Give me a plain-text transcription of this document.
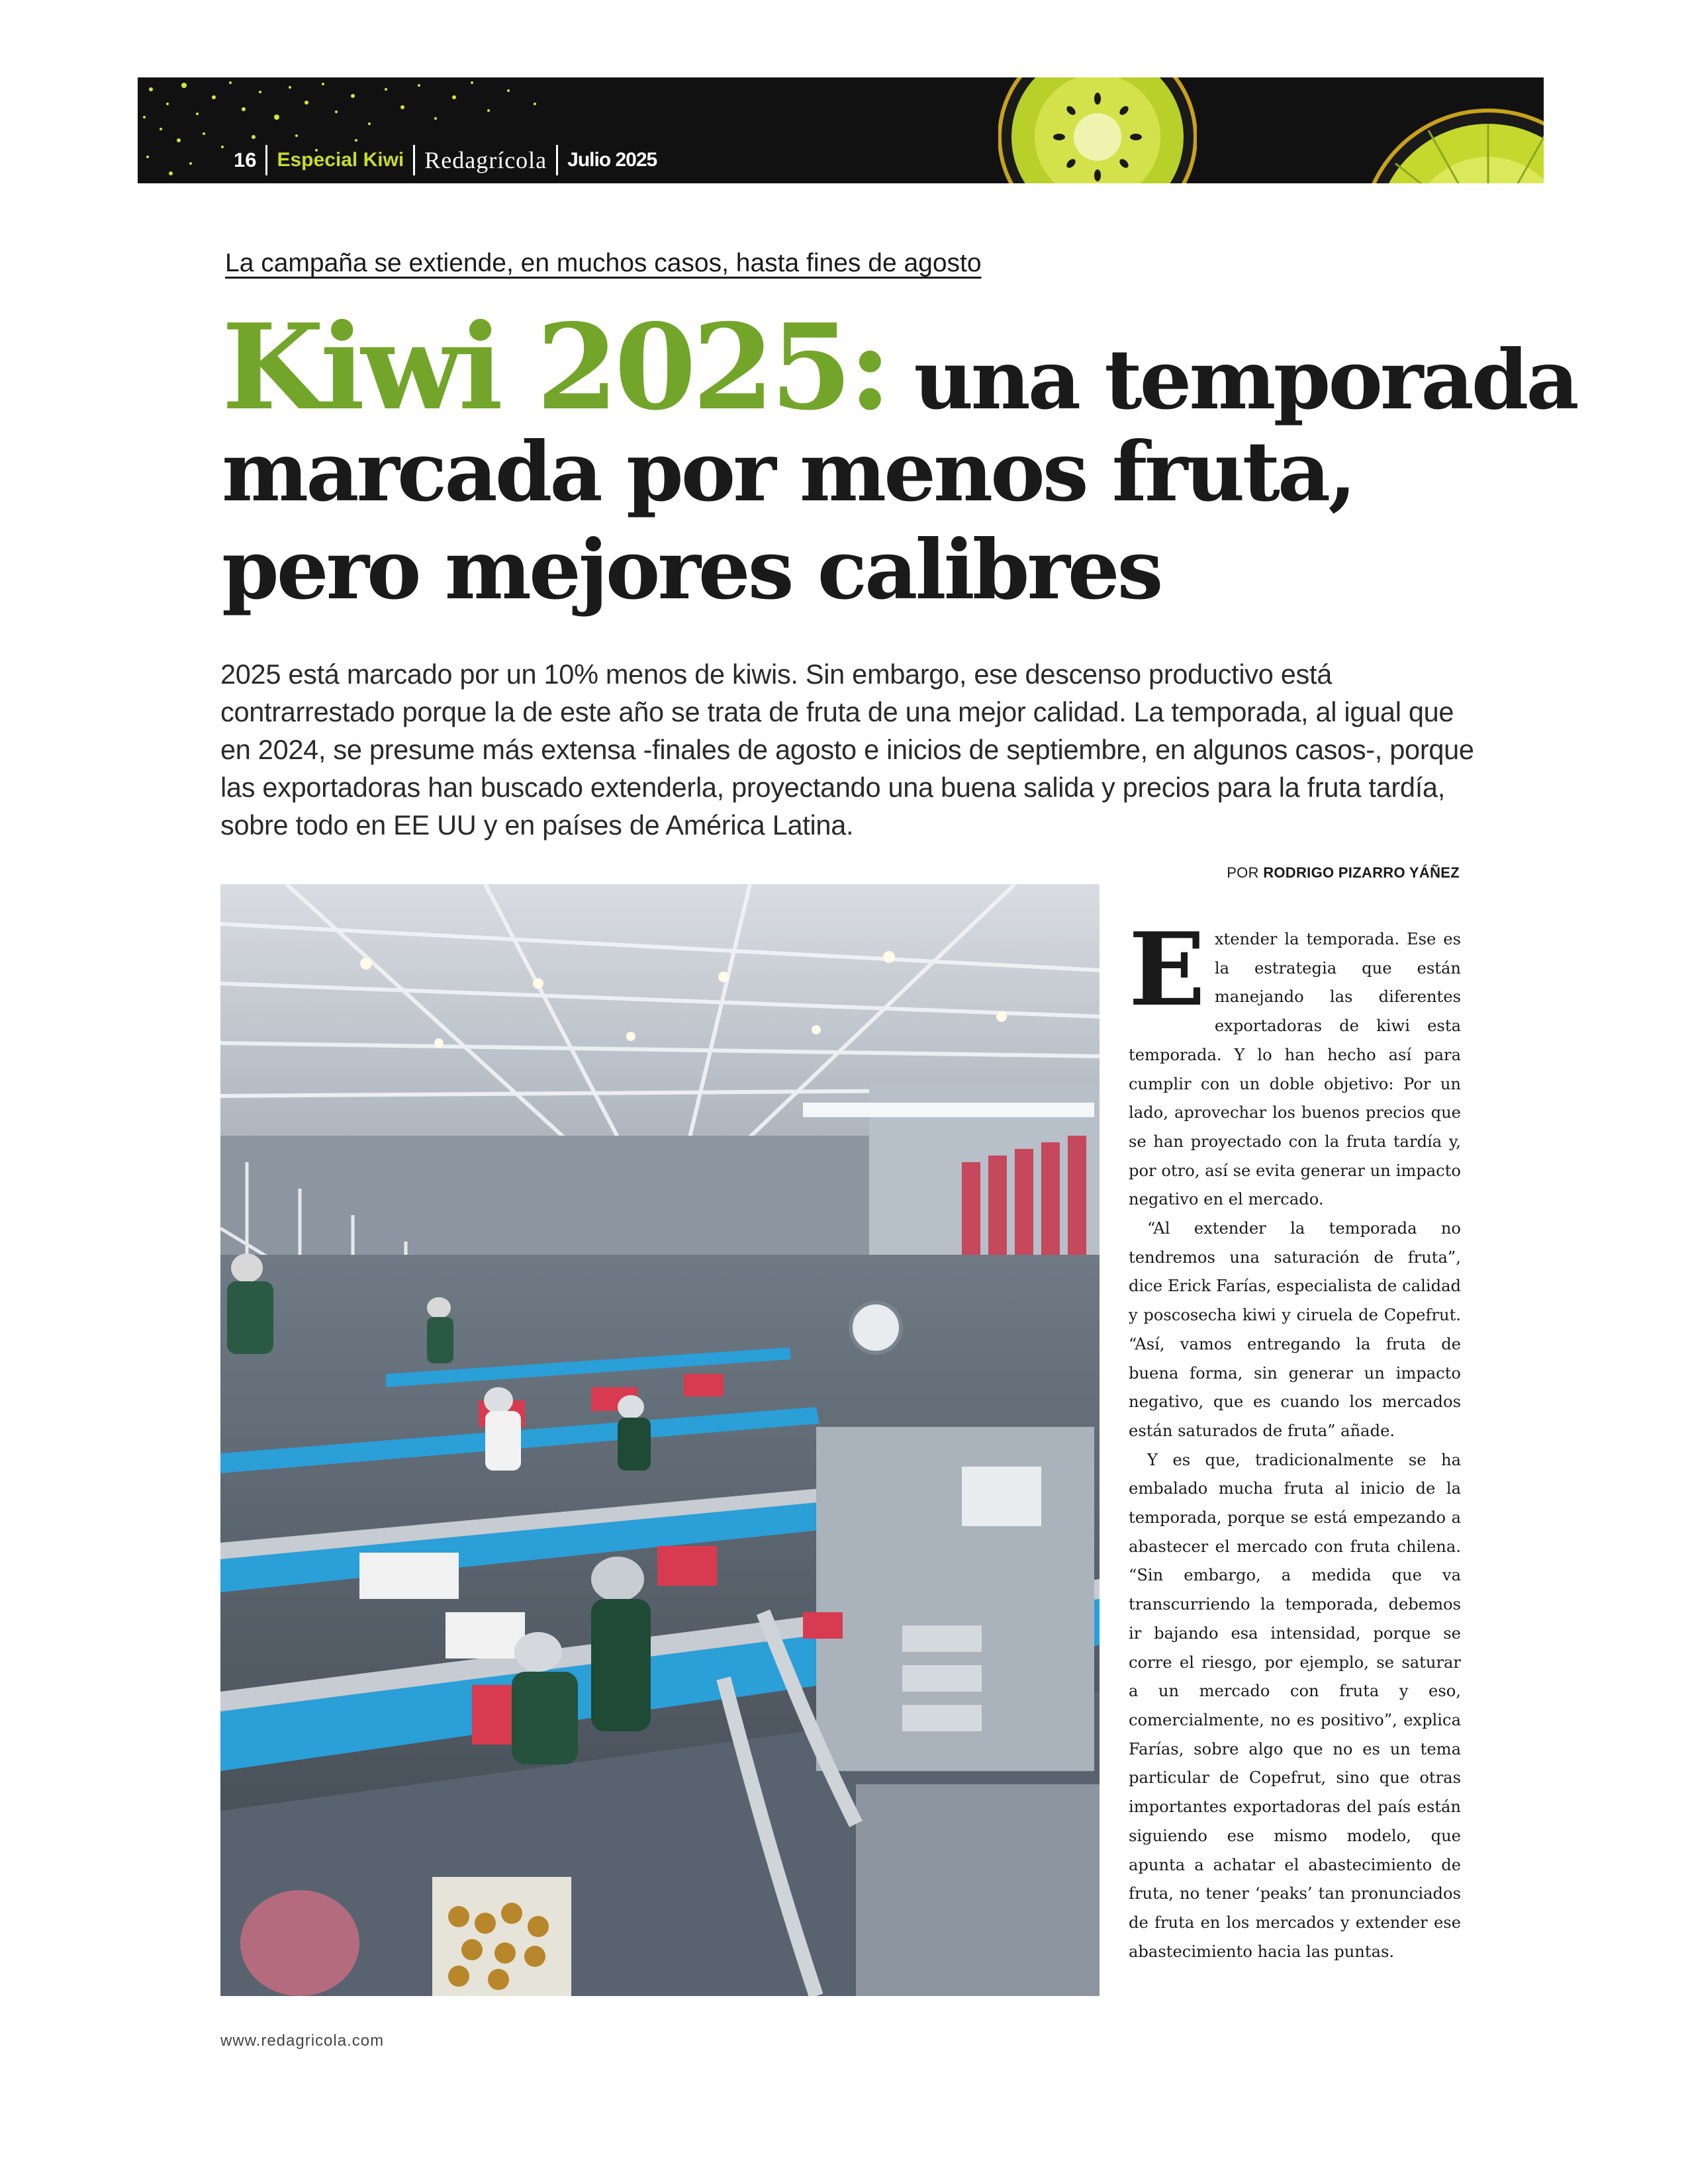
16 Especial Kiwi Redagrícola Julio 2025
La campaña se extiende, en muchos casos, hasta fines de agosto
Kiwi 2025: una temporada
marcada por menos fruta,
pero mejores calibres

2025 está marcado por un 10% menos de kiwis. Sin embargo, ese descenso productivo está contrarrestado porque la de este año se trata de fruta de una mejor calidad. La temporada, al igual que en 2024, se presume más extensa -finales de agosto e inicios de septiembre, en algunos casos-, porque las exportadoras han buscado extenderla, proyectando una buena salida y precios para la fruta tardía, sobre todo en EE UU y en países de América Latina.

POR RODRIGO PIZARRO YÁÑEZ

Extender la temporada. Ese es la estrategia que están manejando las diferentes exportadoras de kiwi esta temporada. Y lo han hecho así para cumplir con un doble objetivo: Por un lado, aprovechar los buenos precios que se han proyectado con la fruta tardía y, por otro, así se evita generar un impacto negativo en el mercado.

“Al extender la temporada no tendremos una saturación de fruta”, dice Erick Farías, especialista de calidad y poscosecha kiwi y ciruela de Copefrut. “Así, vamos entregando la fruta de buena forma, sin generar un impacto negativo, que es cuando los mercados están saturados de fruta” añade.

Y es que, tradicionalmente se ha embalado mucha fruta al inicio de la temporada, porque se está empezando a abastecer el mercado con fruta chilena. “Sin embargo, a medida que va transcurriendo la temporada, debemos ir bajando esa intensidad, porque se corre el riesgo, por ejemplo, se saturar a un mercado con fruta y eso, comercialmente, no es positivo”, explica Farías, sobre algo que no es un tema particular de Copefrut, sino que otras importantes exportadoras del país están siguiendo ese mismo modelo, que apunta a achatar el abastecimiento de fruta, no tener ‘peaks’ tan pronunciados de fruta en los mercados y extender ese abastecimiento hacia las puntas.

www.redagricola.com
